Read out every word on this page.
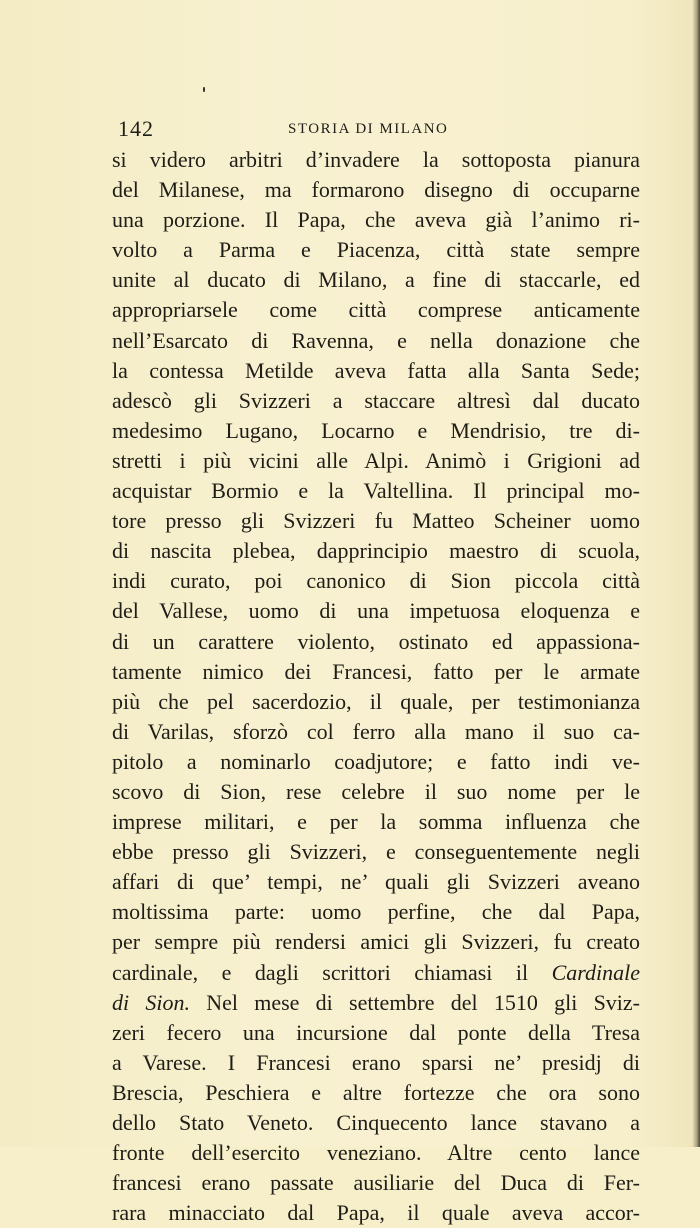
142	STORIA DI MILANO
si videro arbitri d’invadere la sottoposta pianura
del Milanese, ma formarono disegno di occuparne
una porzione. Il Papa, che aveva già l’animo ri-
volto a Parma e Piacenza, città state sempre
unite al ducato di Milano, a fine di staccarle, ed
appropriarsele come città comprese anticamente
nell’Esarcato di Ravenna, e nella donazione che
la contessa Metilde aveva fatta alla Santa Sede;
adescò gli Svizzeri a staccare altresì dal ducato
medesimo Lugano, Locarno e Mendrisio, tre di-
stretti i più vicini alle Alpi. Animò i Grigioni ad
acquistar Bormio e la Valtellina. Il principal mo-
tore presso gli Svizzeri fu Matteo Scheiner uomo
di nascita plebea, dapprincipio maestro di scuola,
indi curato, poi canonico di Sion piccola città
del Vallese, uomo di una impetuosa eloquenza e
di un carattere violento, ostinato ed appassiona-
tamente nimico dei Francesi, fatto per le armate
più che pel sacerdozio, il quale, per testimonianza
di Varilas, sforzò col ferro alla mano il suo ca-
pitolo a nominarlo coadjutore; e fatto indi ve-
scovo di Sion, rese celebre il suo nome per le
imprese militari, e per la somma influenza che
ebbe presso gli Svizzeri, e conseguentemente negli
affari di que’ tempi, ne’ quali gli Svizzeri aveano
moltissima parte: uomo perfine, che dal Papa,
per sempre più rendersi amici gli Svizzeri, fu creato
cardinale, e dagli scrittori chiamasi il Cardinale
di Sion. Nel mese di settembre del 1510 gli Sviz-
zeri fecero una incursione dal ponte della Tresa
a Varese. I Francesi erano sparsi ne’ presidj di
Brescia, Peschiera e altre fortezze che ora sono
dello Stato Veneto. Cinquecento lance stavano a
fronte dell’esercito veneziano. Altre cento lance
francesi erano passate ausiliarie del Duca di Fer-
rara minacciato dal Papa, il quale aveva accor-
